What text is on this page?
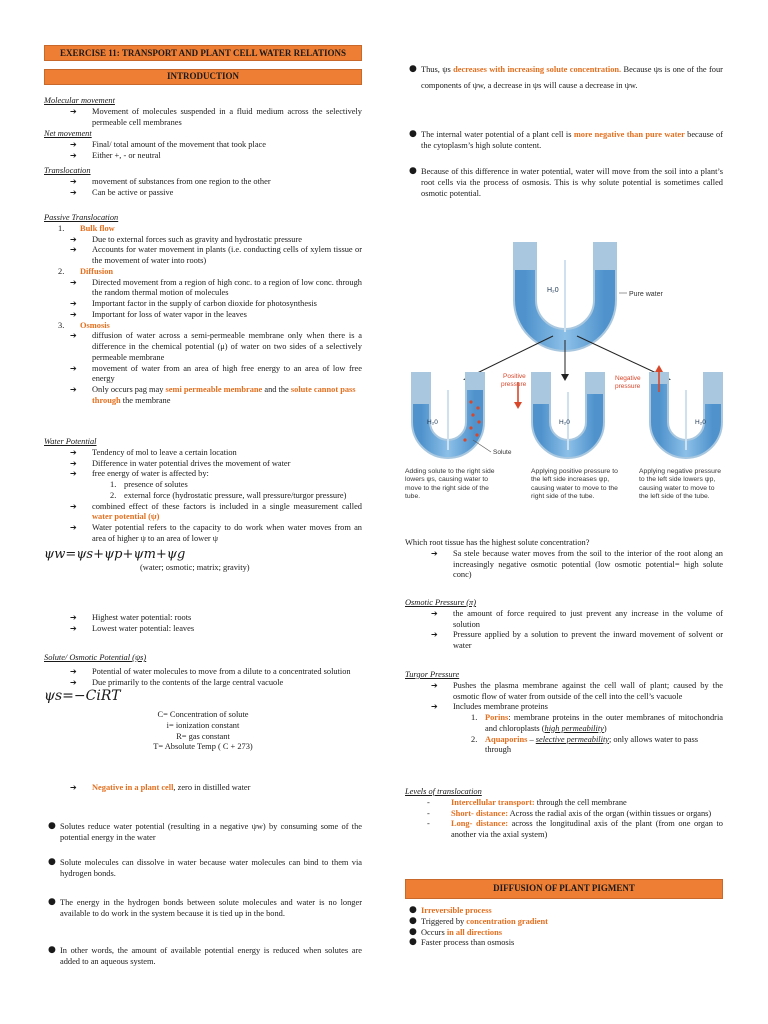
EXERCISE 11: TRANSPORT AND PLANT CELL WATER RELATIONS
INTRODUCTION
Molecular movement
➔ Movement of molecules suspended in a fluid medium across the selectively permeable cell membranes
Net movement
➔ Final/ total amount of the movement that took place
➔ Either +, - or neutral
Translocation
➔ movement of substances from one region to the other
➔ Can be active or passive
Passive Translocation
1. Bulk flow
➔ Due to external forces such as gravity and hydrostatic pressure
➔ Accounts for water movement in plants (i.e. conducting cells of xylem tissue or the movement of water into roots)
2. Diffusion
➔ Directed movement from a region of high conc. to a region of low conc. through the random thermal motion of molecules
➔ Important factor in the supply of carbon dioxide for photosynthesis
➔ Important for loss of water vapor in the leaves
3. Osmosis
➔ diffusion of water across a semi-permeable membrane only when there is a difference in the chemical potential (μ) of water on two sides of a selectively permeable membrane
➔ movement of water from an area of high free energy to an area of low free energy
➔ Only occurs pag may semi permeable membrane and the solute cannot pass through the membrane
Water Potential
➔ Tendency of mol to leave a certain location
➔ Difference in water potential drives the movement of water
➔ free energy of water is affected by:
1. presence of solutes
2. external force (hydrostatic pressure, wall pressure/turgor pressure)
➔ combined effect of these factors is included in a single measurement called water potential (ψ)
➔ Water potential refers to the capacity to do work when water moves from an area of higher ψ to an area of lower ψ
ψw=ψs+ψp+ψm+ψg
(water; osmotic; matrix; gravity)
➔ Highest water potential: roots
➔ Lowest water potential: leaves
Solute/ Osmotic Potential (ψs)
➔ Potential of water molecules to move from a dilute to a concentrated solution
➔ Due primarily to the contents of the large central vacuole
ψs=−CiRT
C= Concentration of solute
i= ionization constant
R= gas constant
T= Absolute Temp ( C + 273)
➔ Negative in a plant cell, zero in distilled water
● Solutes reduce water potential (resulting in a negative ψw) by consuming some of the potential energy in the water
● Solute molecules can dissolve in water because water molecules can bind to them via hydrogen bonds.
● The energy in the hydrogen bonds between solute molecules and water is no longer available to do work in the system because it is tied up in the bond.
● In other words, the amount of available potential energy is reduced when solutes are added to an aqueous system.
● Thus, ψs decreases with increasing solute concentration. Because ψs is one of the four components of ψw, a decrease in ψs will cause a decrease in ψw.
● The internal water potential of a plant cell is more negative than pure water because of the cytoplasm’s high solute content.
● Because of this difference in water potential, water will move from the soil into a plant’s root cells via the process of osmosis. This is why solute potential is sometimes called osmotic potential.
H₂0
Pure water
H₂0
Solute
H₂0
Positive pressure
H₂0
Negative pressure
Adding solute to the right side lowers ψs, causing water to move to the right side of the tube.
Applying positive pressure to the left side increases ψp, causing water to move to the right side of the tube.
Applying negative pressure to the left side lowers ψp, causing water to move to the left side of the tube.
Which root tissue has the highest solute concentration?
➔ Sa stele because water moves from the soil to the interior of the root along an increasingly negative osmotic potential (low osmotic potential= high solute conc)
Osmotic Pressure (π)
➔ the amount of force required to just prevent any increase in the volume of solution
➔ Pressure applied by a solution to prevent the inward movement of solvent or water
Turgor Pressure
➔ Pushes the plasma membrane against the cell wall of plant; caused by the osmotic flow of water from outside of the cell into the cell’s vacuole
➔ Includes membrane proteins
1. Porins: membrane proteins in the outer membranes of mitochondria and chloroplasts (high permeability)
2. Aquaporins – selective permeability; only allows water to pass through
Levels of translocation
-	Intercellular transport: through the cell membrane
-	Short- distance: Across the radial axis of the organ (within tissues or organs)
-	Long- distance: across the longitudinal axis of the plant (from one organ to another via the axial system)
● Irreversible process
● Triggered by concentration gradient
● Occurs in all directions
● Faster process than osmosis
DIFFUSION OF PLANT PIGMENT
